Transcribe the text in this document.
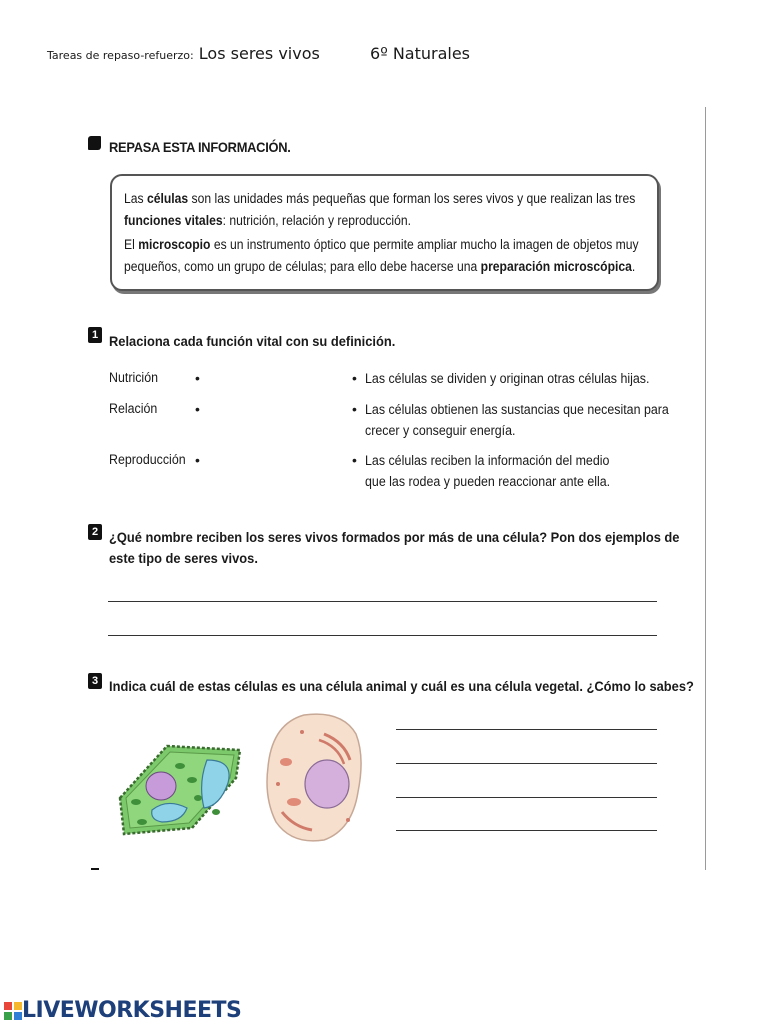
Tareas de repaso-refuerzo: Los seres vivos	6º Naturales
REPASA ESTA INFORMACIÓN.

Las células son las unidades más pequeñas que forman los seres vivos y que realizan las tres

funciones vitales: nutrición, relación y reproducción.

El microscopio es un instrumento óptico que permite ampliar mucho la imagen de objetos muy

pequeños, como un grupo de células; para ello debe hacerse una preparación microscópica.

1 Relaciona cada función vital con su definición.
Nutrición
Relación
Reproducción
•
•
•
•
•
•
Las células se dividen y originan otras células hijas.
Las células obtienen las sustancias que necesitan para
crecer y conseguir energía.
Las células reciben la información del medio
que las rodea y pueden reaccionar ante ella.
2 ¿Qué nombre reciben los seres vivos formados por más de una célula? Pon dos ejemplos de
este tipo de seres vivos.
3 Indica cuál de estas células es una célula animal y cuál es una célula vegetal. ¿Cómo lo sabes?
LIVEWORKSHEETS
